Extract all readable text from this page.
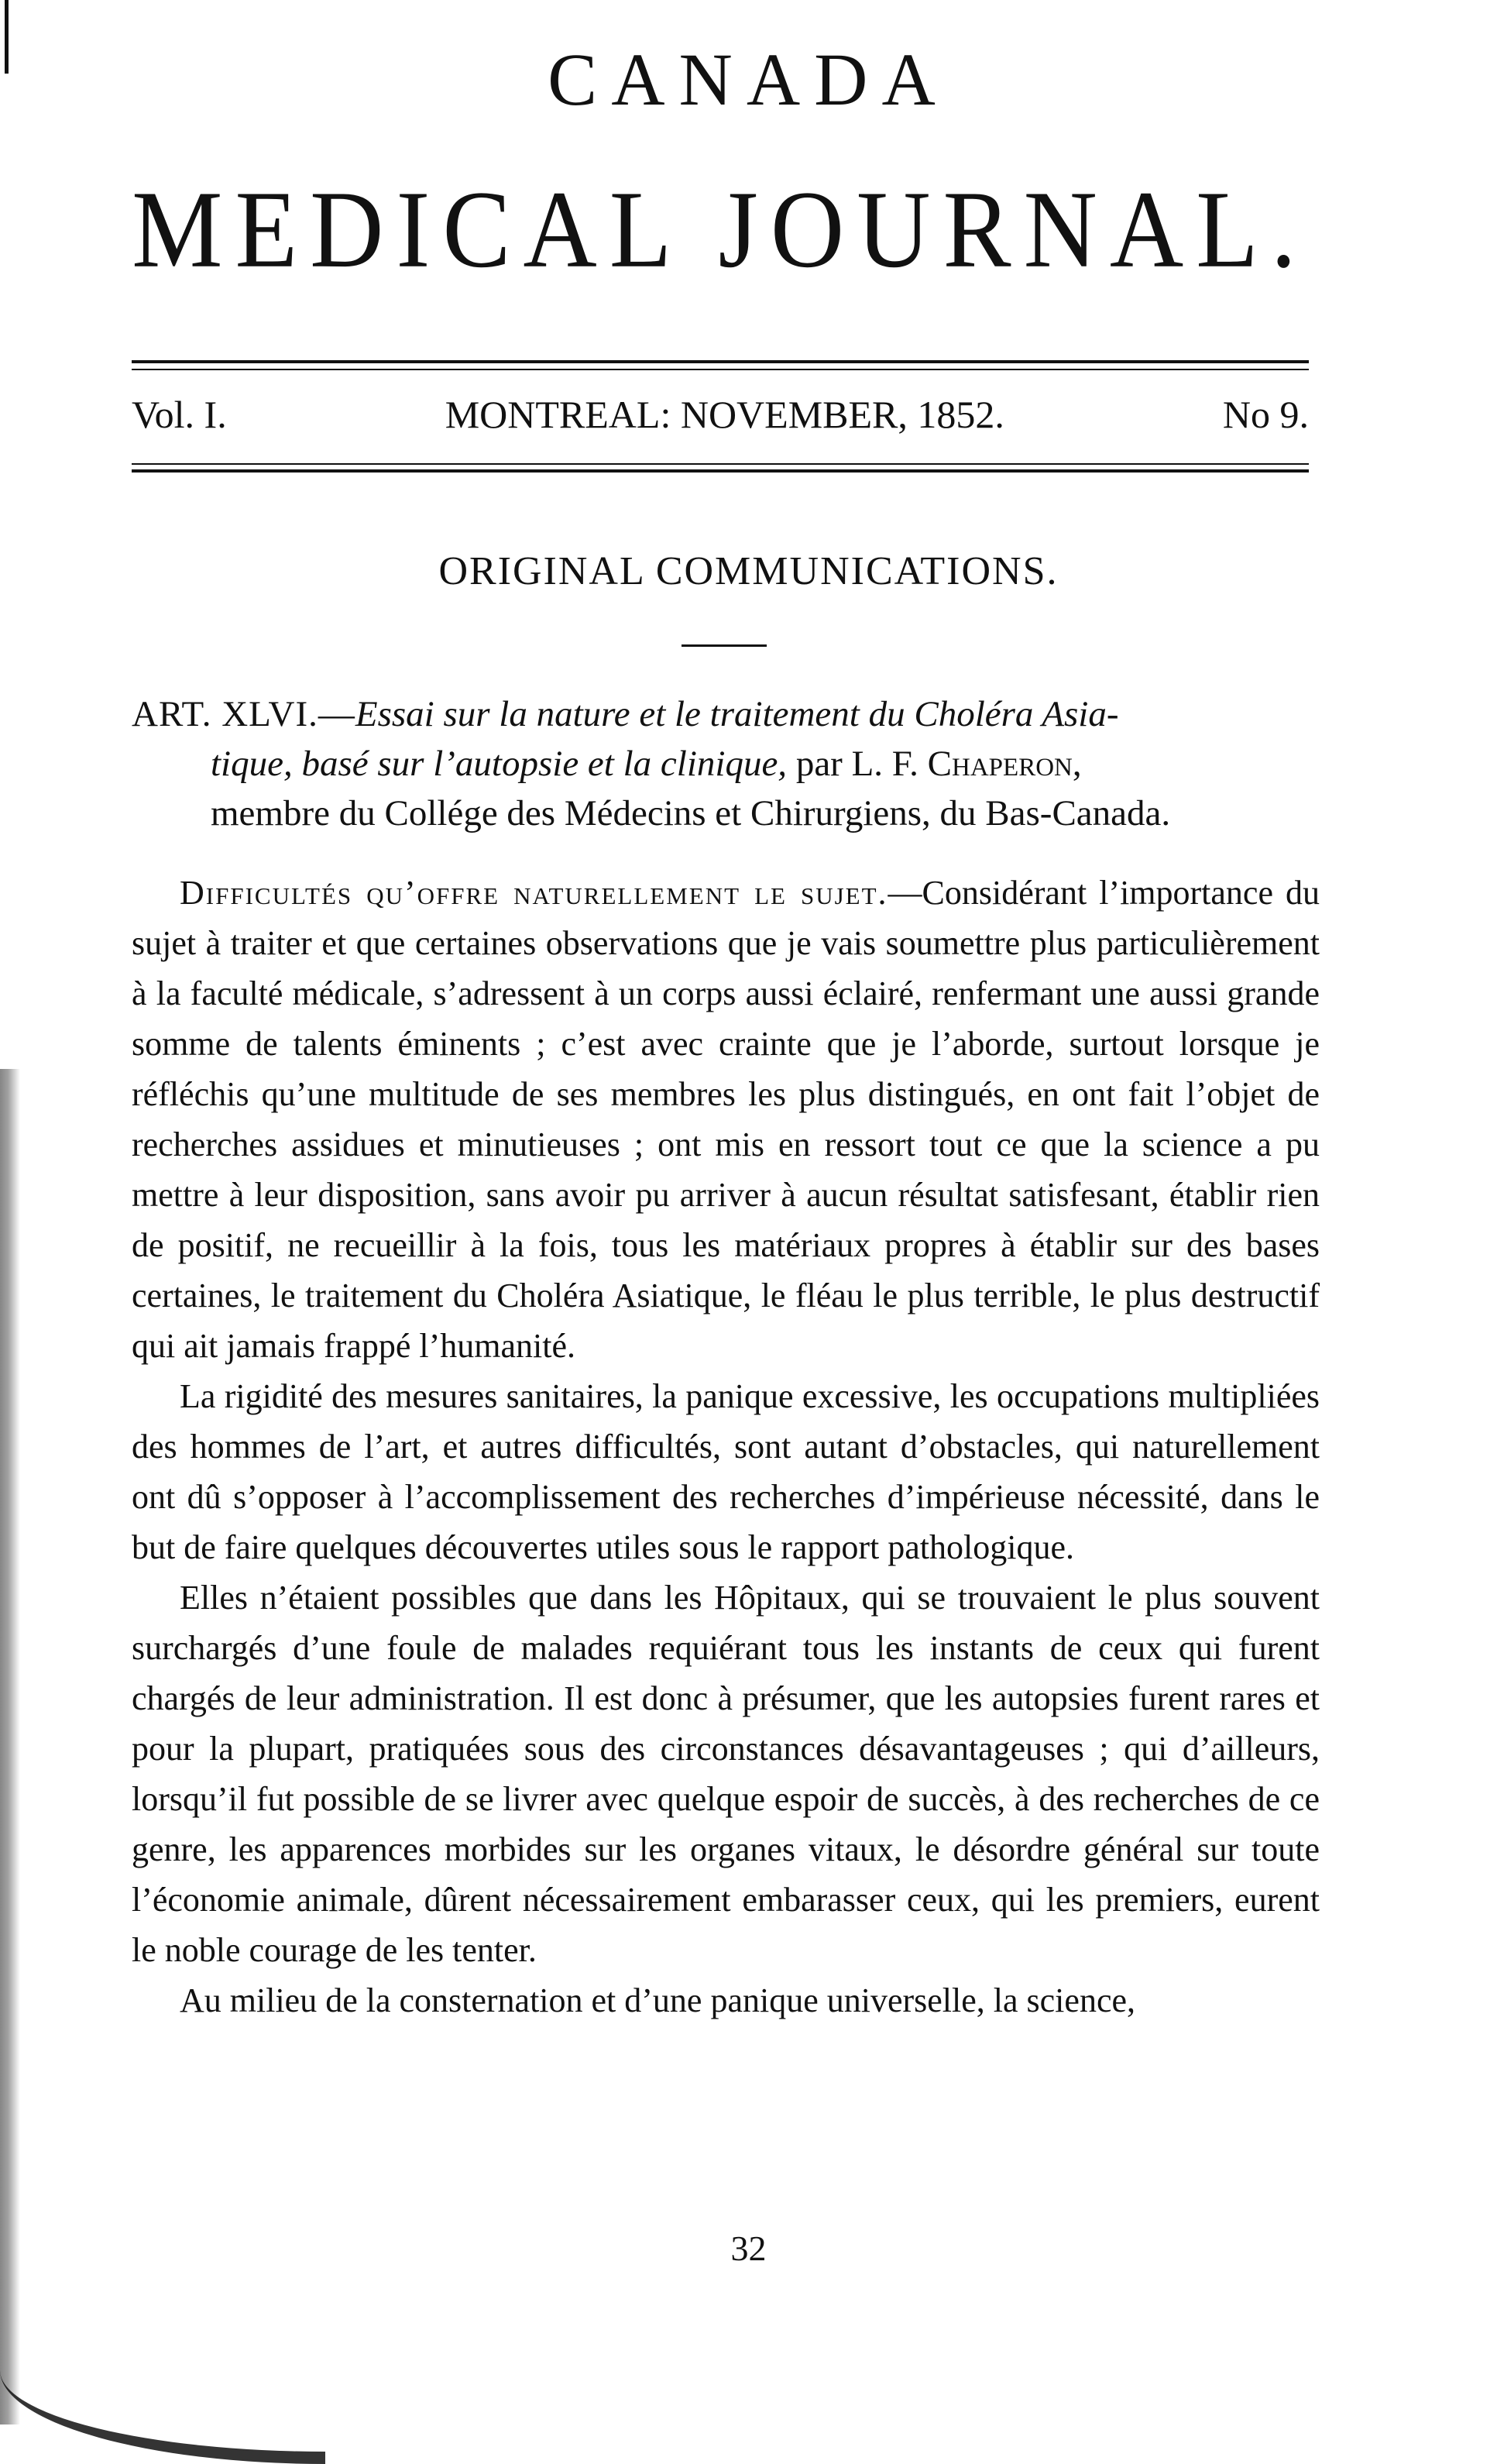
CANADA
MEDICAL JOURNAL.
Vol. I.	MONTREAL: NOVEMBER, 1852.	No 9.
ORIGINAL COMMUNICATIONS.
ART. XLVI.—Essai sur la nature et le traitement du Choléra Asia-
tique, basé sur l’autopsie et la clinique, par L. F. Chaperon,
membre du Collége des Médecins et Chirurgiens, du Bas-Canada.

Difficultés qu’offre naturellement le sujet.—Considérant l’importance du sujet à traiter et que certaines observations que je vais soumettre plus particulièrement à la faculté médicale, s’adressent à un corps aussi éclairé, renfermant une aussi grande somme de talents éminents ; c’est avec crainte que je l’aborde, surtout lorsque je réfléchis qu’une multitude de ses membres les plus distingués, en ont fait l’objet de recherches assidues et minutieuses ; ont mis en ressort tout ce que la science a pu mettre à leur disposition, sans avoir pu arriver à aucun résultat satisfesant, établir rien de positif, ne recueillir à la fois, tous les matériaux propres à établir sur des bases certaines, le traitement du Choléra Asiatique, le fléau le plus terrible, le plus destructif qui ait jamais frappé l’humanité.

La rigidité des mesures sanitaires, la panique excessive, les occupations multipliées des hommes de l’art, et autres difficultés, sont autant d’obstacles, qui naturellement ont dû s’opposer à l’accomplissement des recherches d’impérieuse nécessité, dans le but de faire quelques découvertes utiles sous le rapport pathologique.

Elles n’étaient possibles que dans les Hôpitaux, qui se trouvaient le plus souvent surchargés d’une foule de malades requiérant tous les instants de ceux qui furent chargés de leur administration. Il est donc à présumer, que les autopsies furent rares et pour la plupart, pratiquées sous des circonstances désavantageuses ; qui d’ailleurs, lorsqu’il fut possible de se livrer avec quelque espoir de succès, à des recherches de ce genre, les apparences morbides sur les organes vitaux, le désordre général sur toute l’économie animale, dûrent nécessairement embarasser ceux, qui les premiers, eurent le noble courage de les tenter.

Au milieu de la consternation et d’une panique universelle, la science,

32
